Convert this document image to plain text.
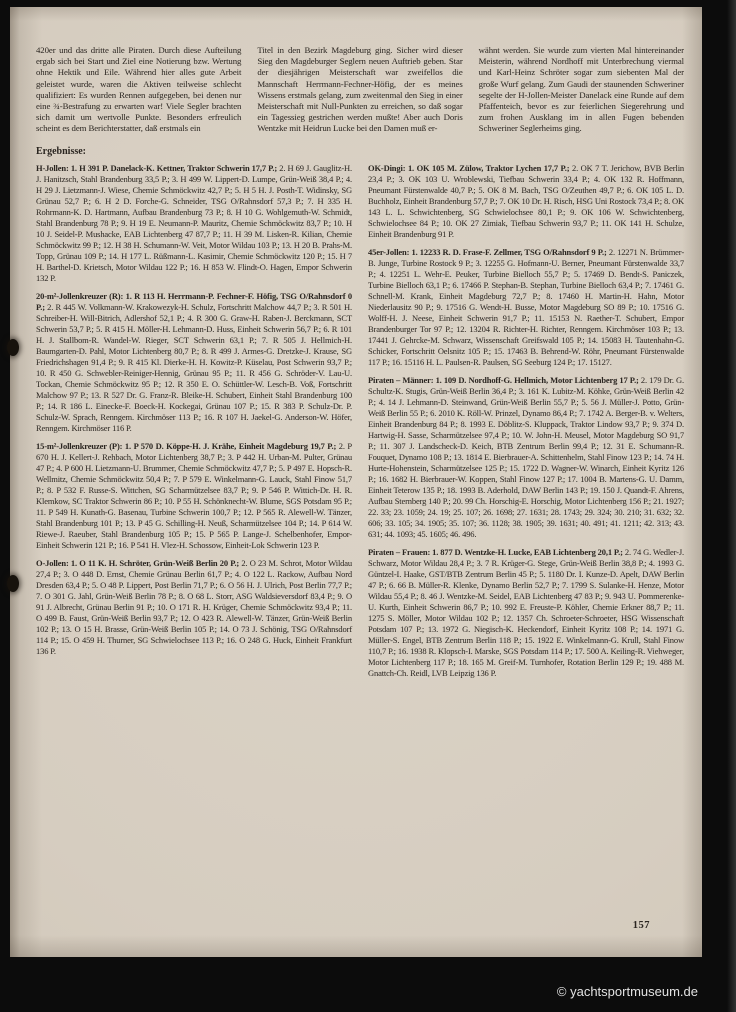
420er und das dritte alle Piraten. Durch diese Aufteilung ergab sich bei Start und Ziel eine Notierung bzw. Wertung ohne Hektik und Eile. Während hier alles gute Arbeit geleistet wurde, waren die Aktiven teilweise schlecht qualifiziert: Es wurden Rennen aufgegeben, bei denen nur eine ¾-Bestrafung zu erwarten war! Viele Segler brachten sich damit um wertvolle Punkte. Besonders erfreulich scheint es dem Berichterstatter, daß erstmals ein

Titel in den Bezirk Magdeburg ging. Sicher wird dieser Sieg den Magdeburger Seglern neuen Auftrieb geben. Star der diesjährigen Meisterschaft war zweifellos die Mannschaft Herrmann-Fechner-Höfig, der es meines Wissens erstmals gelang, zum zweitenmal den Sieg in einer Meisterschaft mit Null-Punkten zu erreichen, so daß sogar ein Tagessieg gestrichen werden mußte! Aber auch Doris Wentzke mit Heidrun Lucke bei den Damen muß er-

wähnt werden. Sie wurde zum vierten Mal hintereinander Meisterin, während Nordhoff mit Unterbrechung viermal und Karl-Heinz Schröter sogar zum siebenten Mal der große Wurf gelang. Zum Gaudi der staunenden Schweriner segelte der H-Jollen-Meister Danelack eine Runde auf dem Pfaffenteich, bevor es zur feierlichen Siegerehrung und zum frohen Ausklang im in allen Fugen bebenden Schweriner Seglerheims ging.

Ergebnisse:

H-Jollen: 1. H 391 P. Danelack-K. Kettner, Traktor Schwerin 17,7 P.; 2. H 69 J. Gauglitz-H. J. Hanitzsch, Stahl Brandenburg 33,5 P.; 3. H 499 W. Lippert-D. Lumpe, Grün-Weiß 38,4 P.; 4. H 29 J. Lietzmann-J. Wiese, Chemie Schmöckwitz 42,7 P.; 5. H 5 H. J. Posth-T. Widinsky, SG Grünau 52,7 P.; 6. H 2 D. Forche-G. Schneider, TSG O/Rahnsdorf 57,3 P.; 7. H 335 H. Rohrmann-K. D. Hartmann, Aufbau Brandenburg 73 P.; 8. H 10 G. Wohlgemuth-W. Schmidt, Stahl Brandenburg 78 P.; 9. H 19 E. Neumann-P. Mauritz, Chemie Schmöckwitz 83,7 P.; 10. H 10 J. Seidel-P. Mushacke, EAB Lichtenberg 47 87,7 P.; 11. H 39 M. Lisken-R. Kilian, Chemie Schmöckwitz 99 P.; 12. H 38 H. Schumann-W. Veit, Motor Wildau 103 P.; 13. H 20 B. Prahs-M. Topp, Grünau 109 P.; 14. H 177 L. Rüßmann-L. Kasimir, Chemie Schmöckwitz 120 P.; 15. H 7 H. Barthel-D. Krietsch, Motor Wildau 122 P.; 16. H 853 W. Flindt-O. Hagen, Empor Schwerin 132 P.

20-m²-Jollenkreuzer (R): 1. R 113 H. Herrmann-P. Fechner-F. Höfig, TSG O/Rahnsdorf 0 P.; 2. R 445 W. Volkmann-W. Krakowezyk-H. Schulz, Fortschritt Malchow 44,7 P.; 3. R 501 H. Schreiber-H. Will-Bitrich, Adlershof 52,1 P.; 4. R 300 G. Graw-H. Raben-J. Berckmann, SCT Schwerin 53,7 P.; 5. R 415 H. Möller-H. Lehmann-D. Huss, Einheit Schwerin 56,7 P.; 6. R 101 H. J. Stallbom-R. Wandel-W. Rieger, SCT Schwerin 63,1 P.; 7. R 505 J. Hellmich-H. Baumgarten-D. Pahl, Motor Lichtenberg 80,7 P.; 8. R 499 J. Armes-G. Dretzke-J. Krause, SG Friedrichshagen 91,4 P.; 9. R 415 Kl. Dierke-H. H. Kowitz-P. Küselau, Post Schwerin 93,7 P.; 10. R 450 G. Schwebler-Reiniger-Hennig, Grünau 95 P.; 11. R 456 G. Schröder-V. Lau-U. Tockan, Chemie Schmöckwitz 95 P.; 12. R 350 E. O. Schüttler-W. Lesch-B. Voß, Fortschritt Malchow 97 P.; 13. R 527 Dr. G. Franz-R. Bleike-H. Schubert, Einheit Stahl Brandenburg 100 P.; 14. R 186 L. Einecke-F. Boeck-H. Kockegai, Grünau 107 P.; 15. R 383 P. Schulz-Dr. P. Schulz-W. Sprach, Renngem. Kirchmöser 113 P.; 16. R 107 H. Jaekel-G. Anderson-W. Höfer, Renngem. Kirchmöser 116 P.

15-m²-Jollenkreuzer (P): 1. P 570 D. Köppe-H. J. Krähe, Einheit Magdeburg 19,7 P.; 2. P 670 H. J. Kellert-J. Rehbach, Motor Lichtenberg 38,7 P.; 3. P 442 H. Urban-M. Pulter, Grünau 47 P.; 4. P 600 H. Lietzmann-U. Brummer, Chemie Schmöckwitz 47,7 P.; 5. P 497 E. Hopsch-R. Wellmitz, Chemie Schmöckwitz 50,4 P.; 7. P 579 E. Winkelmann-G. Lauck, Stahl Finow 51,7 P.; 8. P 532 F. Russe-S. Wittchen, SG Scharmützelsee 83,7 P.; 9. P 546 P. Wittich-Dr. H. R. Klemkow, SC Traktor Schwerin 86 P.; 10. P 55 H. Schönknecht-W. Blume, SGS Potsdam 95 P.; 11. P 549 H. Kunath-G. Basenau, Turbine Schwerin 100,7 P.; 12. P 565 R. Alewell-W. Tänzer, Stahl Brandenburg 101 P.; 13. P 45 G. Schilling-H. Neuß, Scharmützelsee 104 P.; 14. P 614 W. Riewe-J. Raeuber, Stahl Brandenburg 105 P.; 15. P 565 P. Lange-J. Schelbenhofer, Empor-Einheit Schwerin 121 P.; 16. P 541 H. Vlez-H. Schossow, Einheit-Lok Schwerin 123 P.

O-Jollen: 1. O 11 K. H. Schröter, Grün-Weiß Berlin 20 P.; 2. O 23 M. Schrot, Motor Wildau 27,4 P.; 3. O 448 D. Ernst, Chemie Grünau Berlin 61,7 P.; 4. O 122 L. Rackow, Aufbau Nord Dresden 63,4 P.; 5. O 48 P. Lippert, Post Berlin 71,7 P.; 6. O 56 H. J. Ulrich, Post Berlin 77,7 P.; 7. O 301 G. Jahl, Grün-Weiß Berlin 78 P.; 8. O 68 L. Storr, ASG Waldsieversdorf 83,4 P.; 9. O 91 J. Albrecht, Grünau Berlin 91 P.; 10. O 171 R. H. Krüger, Chemie Schmöckwitz 93,4 P.; 11. O 499 B. Faust, Grün-Weiß Berlin 93,7 P.; 12. O 423 R. Alewell-W. Tänzer, Grün-Weiß Berlin 102 P.; 13. O 15 H. Brasse, Grün-Weiß Berlin 105 P.; 14. O 73 J. Schönig, TSG O/Rahnsdorf 114 P.; 15. O 459 H. Thurner, SG Schwielochsee 113 P.; 16. O 248 G. Huck, Einheit Frankfurt 136 P.

OK-Dingi: 1. OK 105 M. Zülow, Traktor Lychen 17,7 P.; 2. OK 7 T. Jerichow, BVB Berlin 23,4 P.; 3. OK 103 U. Wroblewski, Tiefbau Schwerin 33,4 P.; 4. OK 132 R. Hoffmann, Pneumant Fürstenwalde 40,7 P.; 5. OK 8 M. Bach, TSG O/Zeuthen 49,7 P.; 6. OK 105 L. D. Buchholz, Einheit Brandenburg 57,7 P.; 7. OK 10 Dr. H. Risch, HSG Uni Rostock 73,4 P.; 8. OK 143 L. L. Schwichtenberg, SG Schwielochsee 80,1 P.; 9. OK 106 W. Schwichtenberg, Schwielochsee 84 P.; 10. OK 27 Zimiak, Tiefbau Schwerin 93,7 P.; 11. OK 141 H. Schulze, Einheit Brandenburg 91 P.

45er-Jollen: 1. 12233 R. D. Frase-F. Zellmer, TSG O/Rahnsdorf 9 P.; 2. 12271 N. Brümmer-B. Junge, Turbine Rostock 9 P.; 3. 12255 G. Hofmann-U. Berner, Pneumant Fürstenwalde 33,7 P.; 4. 12251 L. Wehr-E. Peuker, Turbine Bielloch 55,7 P.; 5. 17469 D. Bendt-S. Paniczek, Turbine Bielloch 63,1 P.; 6. 17466 P. Stephan-B. Stephan, Turbine Bielloch 63,4 P.; 7. 17461 G. Schnell-M. Krank, Einheit Magdeburg 72,7 P.; 8. 17460 H. Martin-H. Hahn, Motor Niederlausitz 90 P.; 9. 17516 G. Wendt-H. Busse, Motor Magdeburg SO 89 P.; 10. 17516 G. Wolff-H. J. Neese, Einheit Schwerin 91,7 P.; 11. 15153 N. Raether-T. Schubert, Empor Brandenburger Tor 97 P.; 12. 13204 R. Richter-H. Richter, Renngem. Kirchmöser 103 P.; 13. 17441 J. Gehrcke-M. Schwarz, Wissenschaft Greifswald 105 P.; 14. 15083 H. Tautenhahn-G. Schicker, Fortschritt Oelsnitz 105 P.; 15. 17463 B. Behrend-W. Röhr, Pneumant Fürstenwalde 117 P.; 16. 15116 H. L. Paulsen-R. Paulsen, SG Seeburg 124 P.; 17. 15127.

Piraten – Männer: 1. 109 D. Nordhoff-G. Hellmich, Motor Lichtenberg 17 P.; 2. 179 Dr. G. Schultz-K. Stugis, Grün-Weiß Berlin 36,4 P.; 3. 161 K. Lubitz-M. Köhke, Grün-Weiß Berlin 42 P.; 4. 14 J. Lehmann-D. Steinwand, Grün-Weiß Berlin 55,7 P.; 5. 56 J. Müller-J. Potto, Grün-Weiß Berlin 55 P.; 6. 2010 K. Röll-W. Prinzel, Dynamo 86,4 P.; 7. 1742 A. Berger-B. v. Welters, Einheit Brandenburg 84 P.; 8. 1993 E. Döblitz-S. Kluppack, Traktor Lindow 93,7 P.; 9. 374 D. Hartwig-H. Sasse, Scharmützelsee 97,4 P.; 10. W. John-H. Meusel, Motor Magdeburg SO 91,7 P.; 11. 307 J. Landscheck-D. Keich, BTB Zentrum Berlin 99,4 P.; 12. 31 E. Schumann-R. Fouquet, Dynamo 108 P.; 13. 1814 E. Bierbrauer-A. Schittenhelm, Stahl Finow 123 P.; 14. 74 H. Hurte-Hohenstein, Scharmützelsee 125 P.; 15. 1722 D. Wagner-W. Winarch, Einheit Kyritz 126 P.; 16. 1682 H. Bierbrauer-W. Koppen, Stahl Finow 127 P.; 17. 1004 B. Martens-G. U. Damm, Einheit Teterow 135 P.; 18. 1993 B. Aderhold, DAW Berlin 143 P.; 19. 150 J. Quandt-F. Ahrens, Aufbau Sternberg 140 P.; 20. 99 Ch. Horschig-E. Horschig, Motor Lichtenberg 156 P.; 21. 1927; 22. 33; 23. 1059; 24. 19; 25. 107; 26. 1698; 27. 1631; 28. 1743; 29. 324; 30. 210; 31. 632; 32. 606; 33. 105; 34. 1905; 35. 107; 36. 1128; 38. 1905; 39. 1631; 40. 491; 41. 1211; 42. 313; 43. 631; 44. 1093; 45. 1605; 46. 496.

Piraten – Frauen: 1. 877 D. Wentzke-H. Lucke, EAB Lichtenberg 20,1 P.; 2. 74 G. Wedler-J. Schwarz, Motor Wildau 28,4 P.; 3. 7 R. Krüger-G. Stege, Grün-Weiß Berlin 38,8 P.; 4. 1993 G. Güntzel-I. Haake, GST/BTB Zentrum Berlin 45 P.; 5. 1180 Dr. I. Kunze-D. Apelt, DAW Berlin 47 P.; 6. 66 B. Müller-R. Klenke, Dynamo Berlin 52,7 P.; 7. 1799 S. Sulanke-H. Henze, Motor Wildau 55,4 P.; 8. 46 J. Wentzke-M. Seidel, EAB Lichtenberg 47 83 P.; 9. 943 U. Pommerenke-U. Kurth, Einheit Schwerin 86,7 P.; 10. 992 E. Freuste-P. Köhler, Chemie Erkner 88,7 P.; 11. 1275 S. Möller, Motor Wildau 102 P.; 12. 1357 Ch. Schroeter-Schroeter, HSG Wissenschaft Potsdam 107 P.; 13. 1972 G. Niegisch-K. Heckendorf, Einheit Kyritz 108 P.; 14. 1971 G. Müller-S. Engel, BTB Zentrum Berlin 118 P.; 15. 1922 E. Winkelmann-G. Krull, Stahl Finow 110,7 P.; 16. 1938 R. Klopsch-I. Marske, SGS Potsdam 114 P.; 17. 500 A. Keiling-R. Viehweger, Motor Lichtenberg 117 P.; 18. 165 M. Greif-M. Turnhofer, Rotation Berlin 129 P.; 19. 488 M. Gnattch-Ch. Reidl, LVB Leipzig 136 P.

157
© yachtsportmuseum.de
